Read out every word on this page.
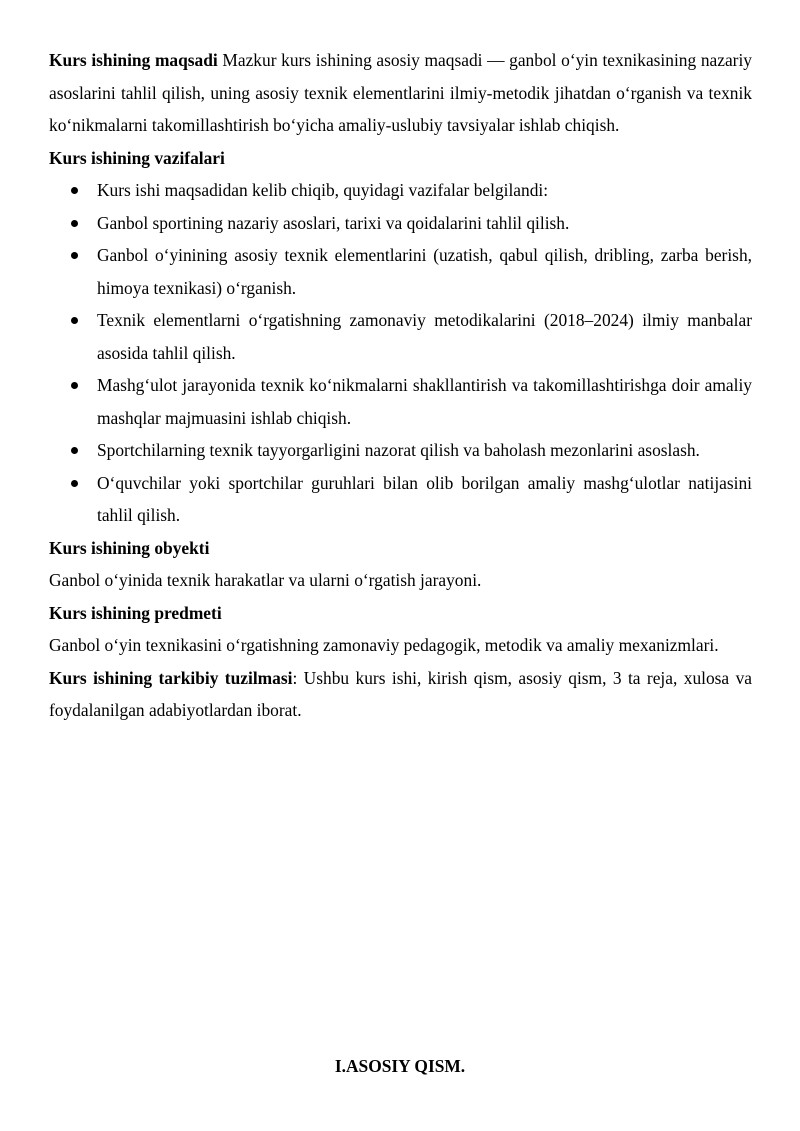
Kurs ishining maqsadi Mazkur kurs ishining asosiy maqsadi — ganbol o‘yin texnikasining nazariy asoslarini tahlil qilish, uning asosiy texnik elementlarini ilmiy-metodik jihatdan o‘rganish va texnik ko‘nikmalarni takomillashtirish bo‘yicha amaliy-uslubiy tavsiyalar ishlab chiqish.

Kurs ishining vazifalari

Kurs ishi maqsadidan kelib chiqib, quyidagi vazifalar belgilandi:
Ganbol sportining nazariy asoslari, tarixi va qoidalarini tahlil qilish.
Ganbol o‘yinining asosiy texnik elementlarini (uzatish, qabul qilish, dribling, zarba berish, himoya texnikasi) o‘rganish.
Texnik elementlarni o‘rgatishning zamonaviy metodikalarini (2018–2024) ilmiy manbalar asosida tahlil qilish.
Mashg‘ulot jarayonida texnik ko‘nikmalarni shakllantirish va takomillashtirishga doir amaliy mashqlar majmuasini ishlab chiqish.
Sportchilarning texnik tayyorgarligini nazorat qilish va baholash mezonlarini asoslash.
O‘quvchilar yoki sportchilar guruhlari bilan olib borilgan amaliy mashg‘ulotlar natijasini tahlil qilish.

Kurs ishining obyekti

Ganbol o‘yinida texnik harakatlar va ularni o‘rgatish jarayoni.

Kurs ishining predmeti

Ganbol o‘yin texnikasini o‘rgatishning zamonaviy pedagogik, metodik va amaliy mexanizmlari.

Kurs ishining tarkibiy tuzilmasi: Ushbu kurs ishi, kirish qism, asosiy qism, 3 ta reja, xulosa va foydalanilgan adabiyotlardan iborat.

I.ASOSIY QISM.
